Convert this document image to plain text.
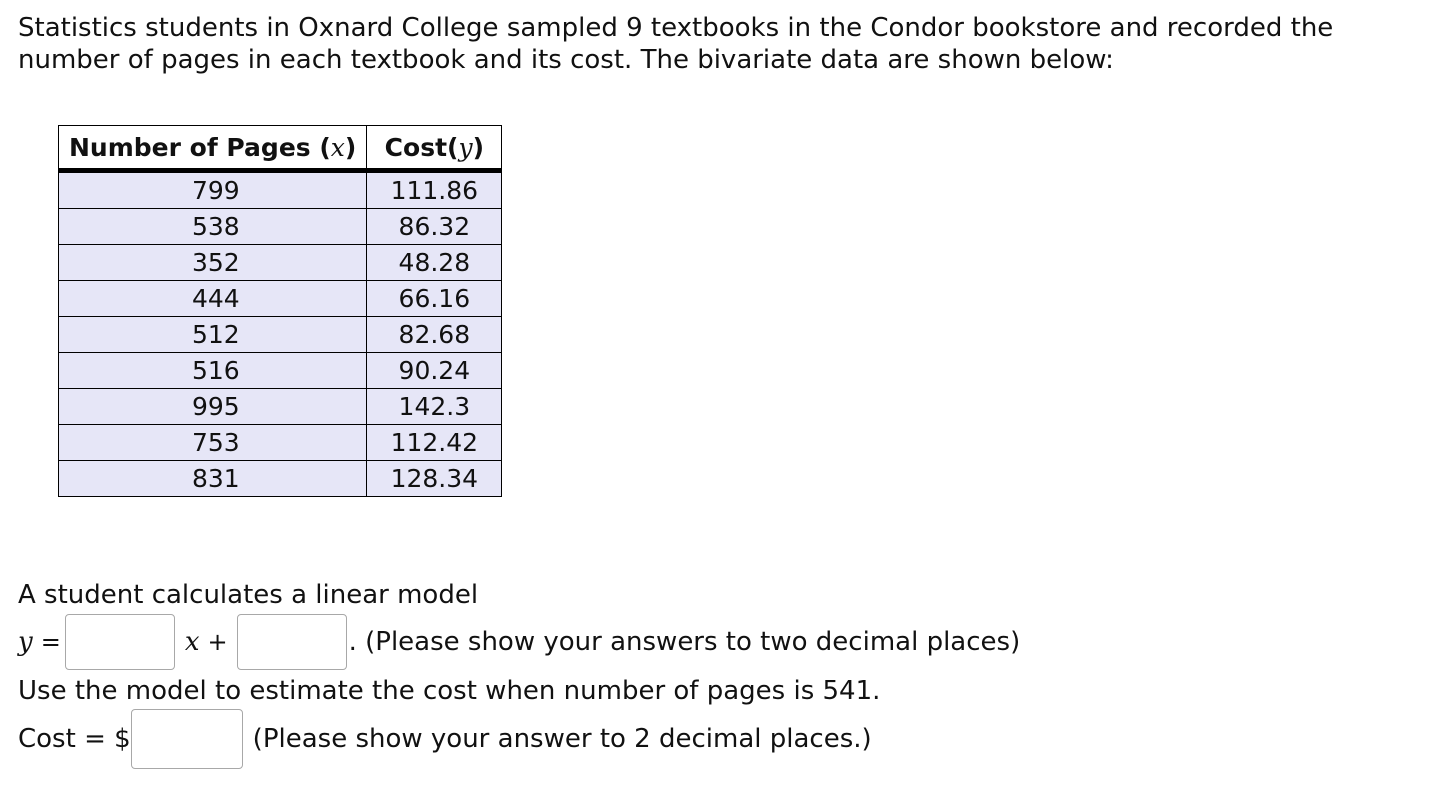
Statistics students in Oxnard College sampled 9 textbooks in the Condor bookstore and recorded the number of pages in each textbook and its cost. The bivariate data are shown below:
Number of Pages (x)	Cost(y)
799	111.86
538	86.32
352	48.28
444	66.16
512	82.68
516	90.24
995	142.3
753	112.42
831	128.34
A student calculates a linear model
y =	x +	. (Please show your answers to two decimal places)
Use the model to estimate the cost when number of pages is 541.
Cost = $	(Please show your answer to 2 decimal places.)
